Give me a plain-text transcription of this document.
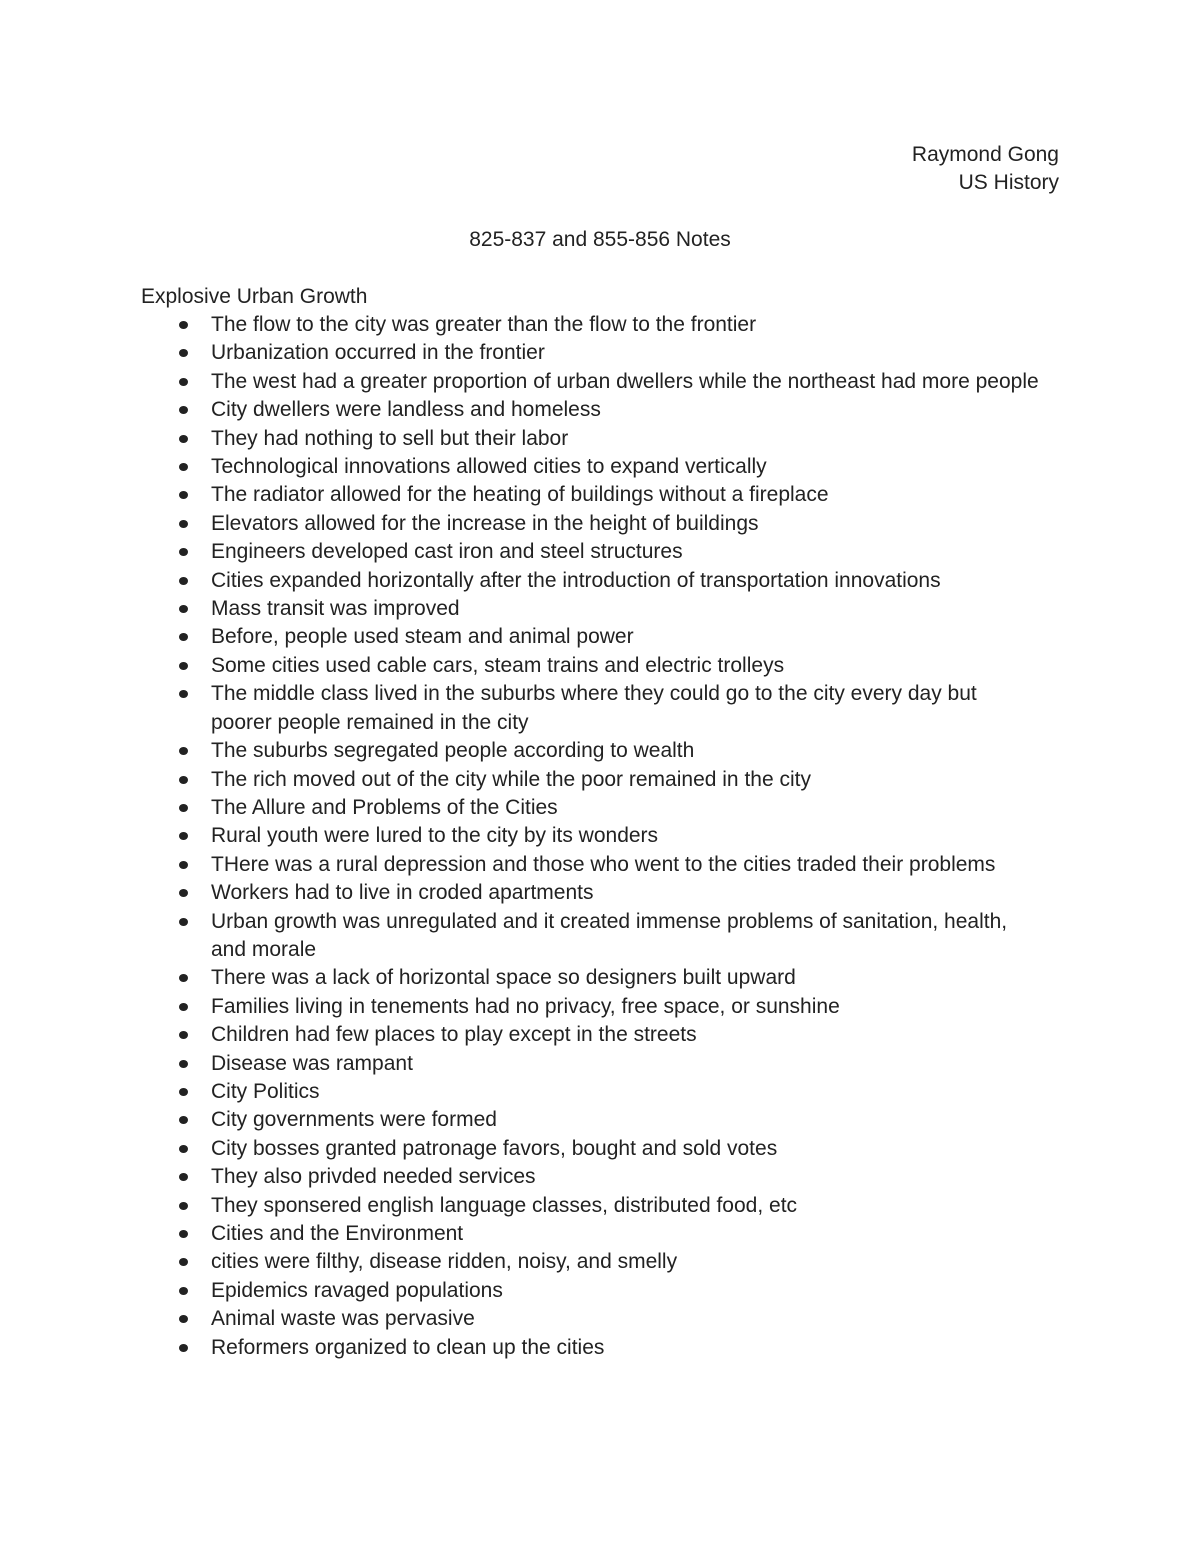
Raymond Gong
US History
825-837 and 855-856 Notes
Explosive Urban Growth
The flow to the city was greater than the flow to the frontier
Urbanization occurred in the frontier
The west had a greater proportion of urban dwellers while the northeast had more people
City dwellers were landless and homeless
They had nothing to sell but their labor
Technological innovations allowed cities to expand vertically
The radiator allowed for the heating of buildings without a fireplace
Elevators allowed for the increase in the height of buildings
Engineers developed cast iron and steel structures
Cities expanded horizontally after the introduction of transportation innovations
Mass transit was improved
Before, people used steam and animal power
Some cities used cable cars, steam trains and electric trolleys
The middle class lived in the suburbs where they could go to the city every day but poorer people remained in the city
The suburbs segregated people according to wealth
The rich moved out of the city while the poor remained in the city
The Allure and Problems of the Cities
Rural youth were lured to the city by its wonders
THere was a rural depression and those who went to the cities traded their problems
Workers had to live in croded apartments
Urban growth was unregulated and it created immense problems of sanitation, health, and morale
There was a lack of horizontal space so designers built upward
Families living in tenements had no privacy, free space, or sunshine
Children had few places to play except in the streets
Disease was rampant
City Politics
City governments were formed
City bosses granted patronage favors, bought and sold votes
They also privded needed services
They sponsered english language classes, distributed food, etc
Cities and the Environment
cities were filthy, disease ridden, noisy, and smelly
Epidemics ravaged populations
Animal waste was pervasive
Reformers organized to clean up the cities
